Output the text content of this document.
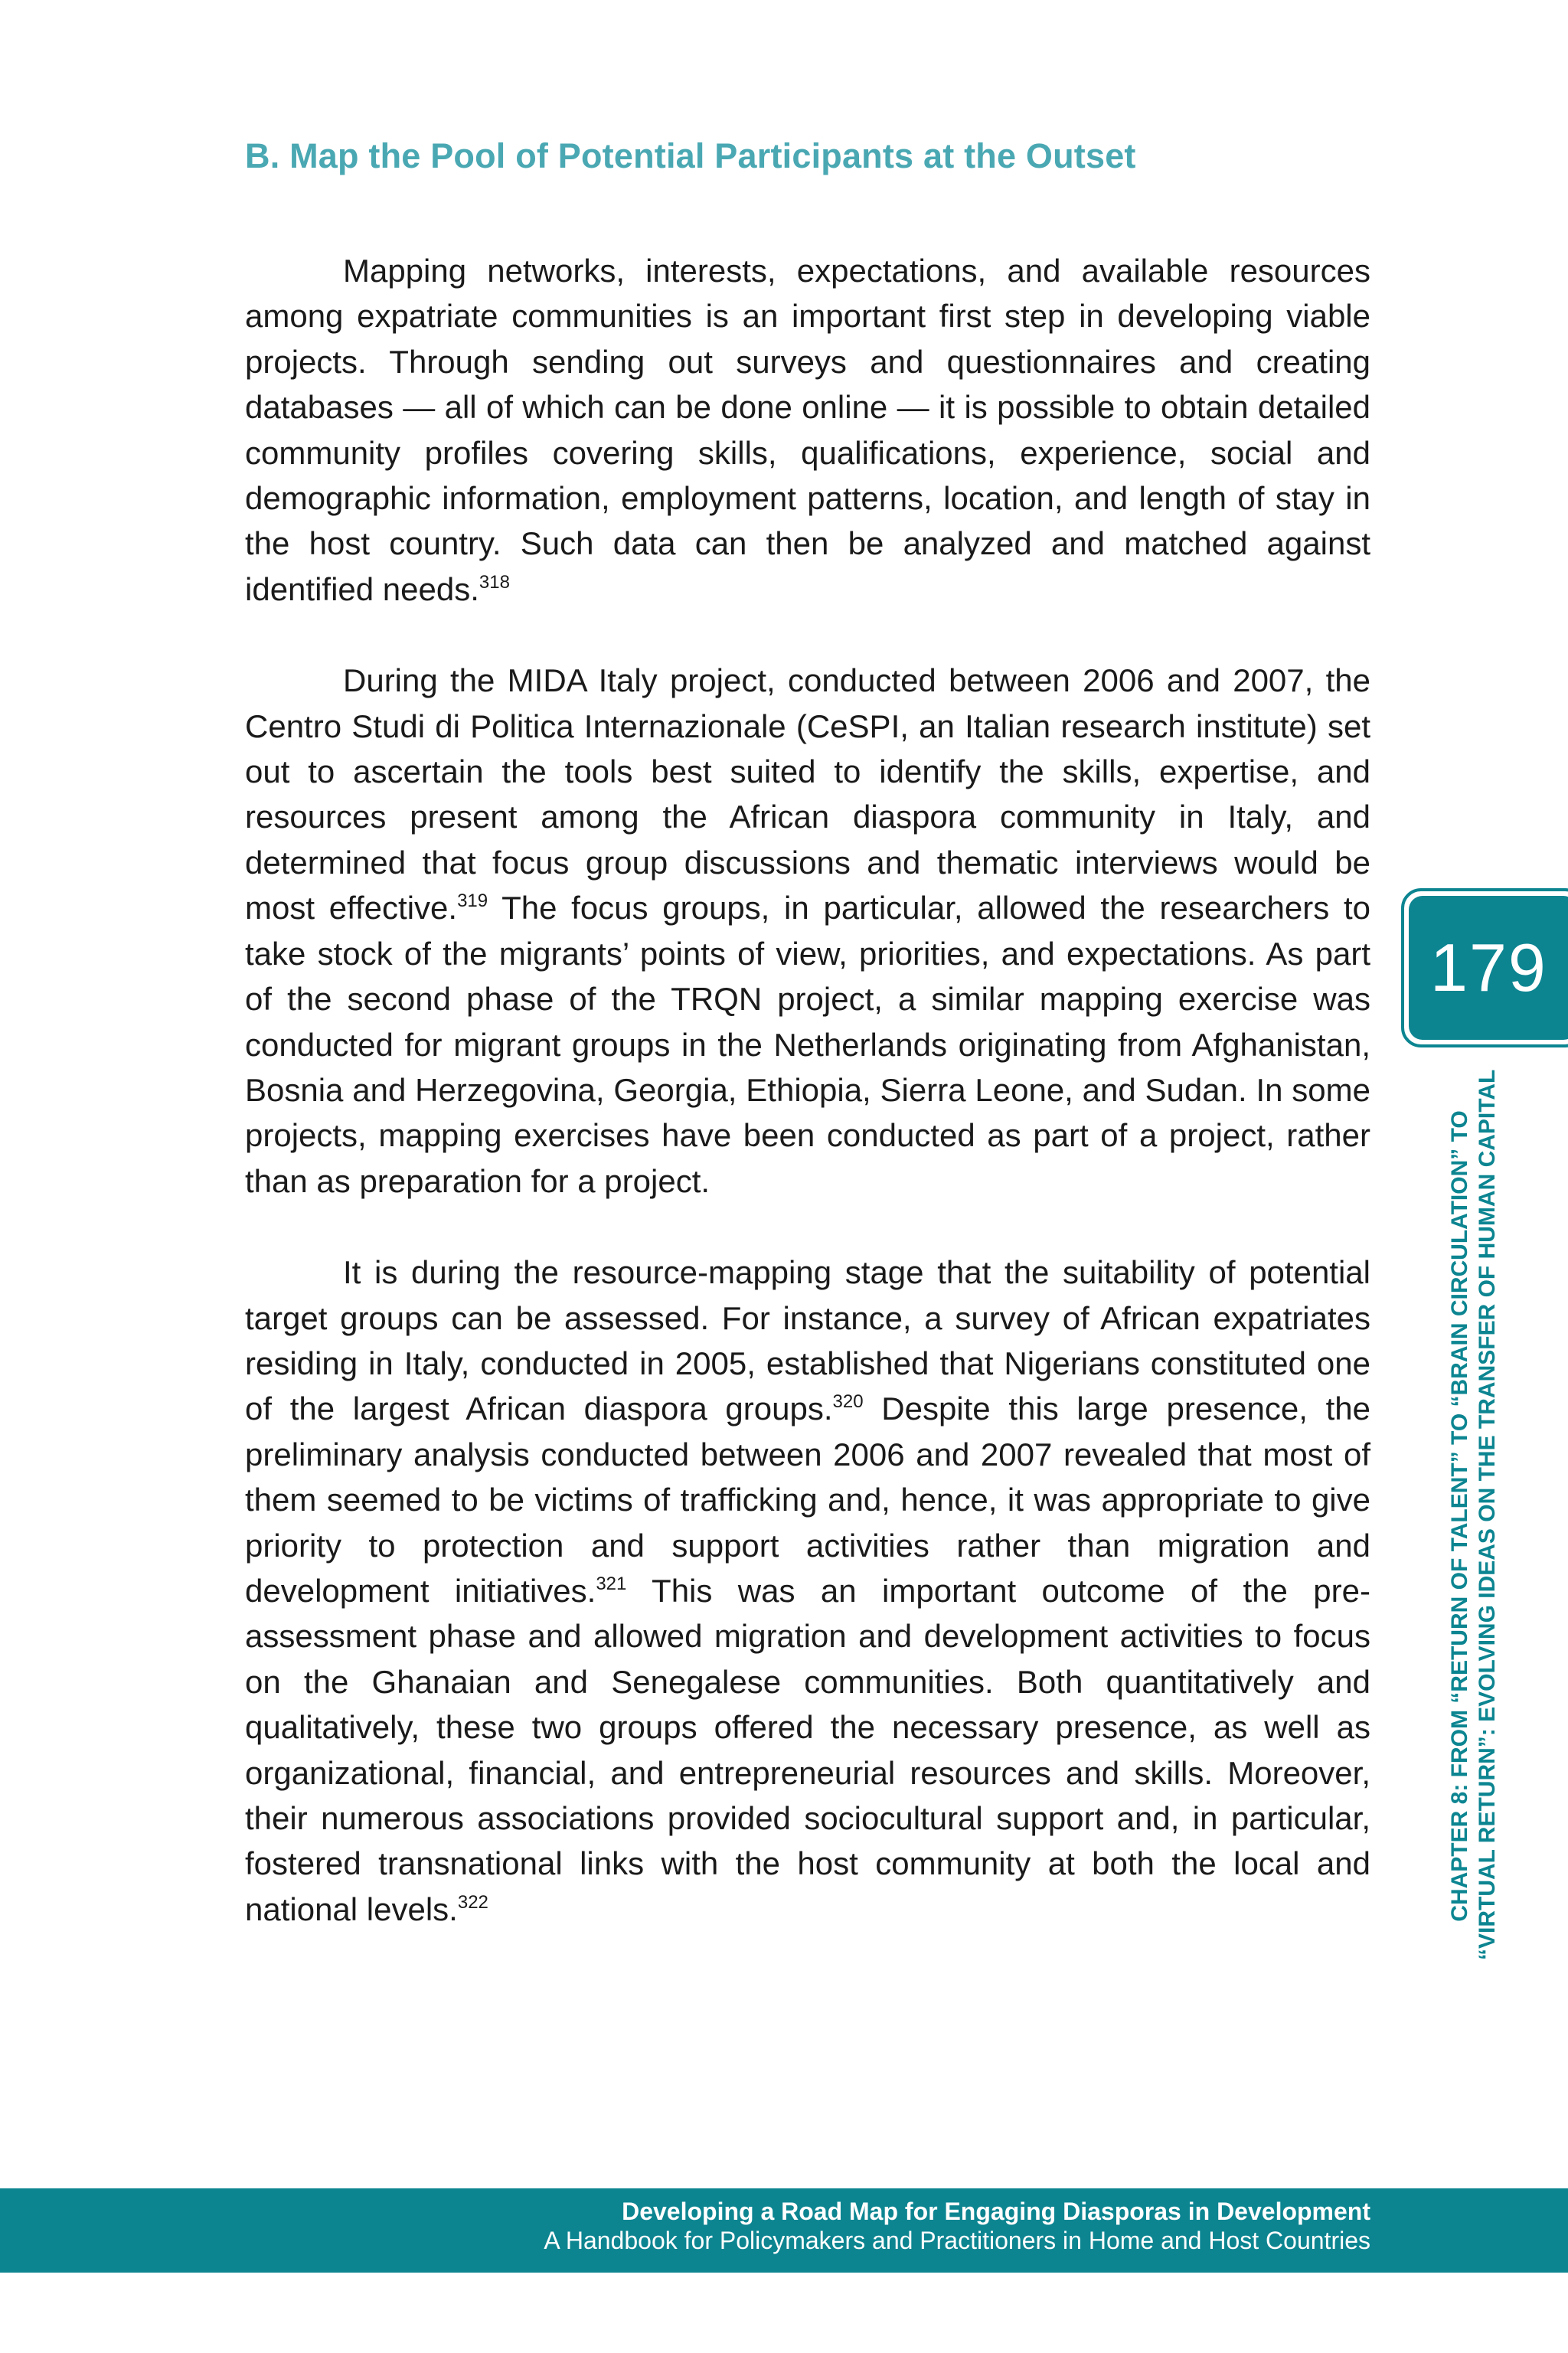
B. Map the Pool of Potential Participants at the Outset

Mapping networks, interests, expectations, and available resources among expatriate communities is an important first step in developing viable projects. Through sending out surveys and questionnaires and creating databases — all of which can be done online — it is possible to obtain detailed community profiles covering skills, qualifications, experience, social and demographic information, employment patterns, location, and length of stay in the host country. Such data can then be analyzed and matched against identified needs.$^{318}$

During the MIDA Italy project, conducted between 2006 and 2007, the Centro Studi di Politica Internazionale (CeSPI, an Italian research institute) set out to ascertain the tools best suited to identify the skills, expertise, and resources present among the African diaspora community in Italy, and determined that focus group discussions and thematic interviews would be most effective.$^{319}$ The focus groups, in particular, allowed the researchers to take stock of the migrants’ points of view, priorities, and expectations. As part of the second phase of the TRQN project, a similar mapping exercise was conducted for migrant groups in the Netherlands originating from Afghanistan, Bosnia and Herzegovina, Georgia, Ethiopia, Sierra Leone, and Sudan. In some projects, mapping exercises have been conducted as part of a project, rather than as preparation for a project.

It is during the resource-mapping stage that the suitability of potential target groups can be assessed. For instance, a survey of African expatriates residing in Italy, conducted in 2005, established that Nigerians constituted one of the largest African diaspora groups.$^{320}$ Despite this large presence, the preliminary analysis conducted between 2006 and 2007 revealed that most of them seemed to be victims of trafficking and, hence, it was appropriate to give priority to protection and support activities rather than migration and development initiatives.$^{321}$ This was an important outcome of the pre-assessment phase and allowed migration and development activities to focus on the Ghanaian and Senegalese communities. Both quantitatively and qualitatively, these two groups offered the necessary presence, as well as organizational, financial, and entrepreneurial resources and skills. Moreover, their numerous associations provided sociocultural support and, in particular, fostered transnational links with the host community at both the local and national levels.$^{322}$

179
CHAPTER 8: FROM “RETURN OF TALENT” TO “BRAIN CIRCULATION” TO “VIRTUAL RETURN”: EVOLVING IDEAS ON THE TRANSFER OF HUMAN CAPITAL
Developing a Road Map for Engaging Diasporas in Development
A Handbook for Policymakers and Practitioners in Home and Host Countries
